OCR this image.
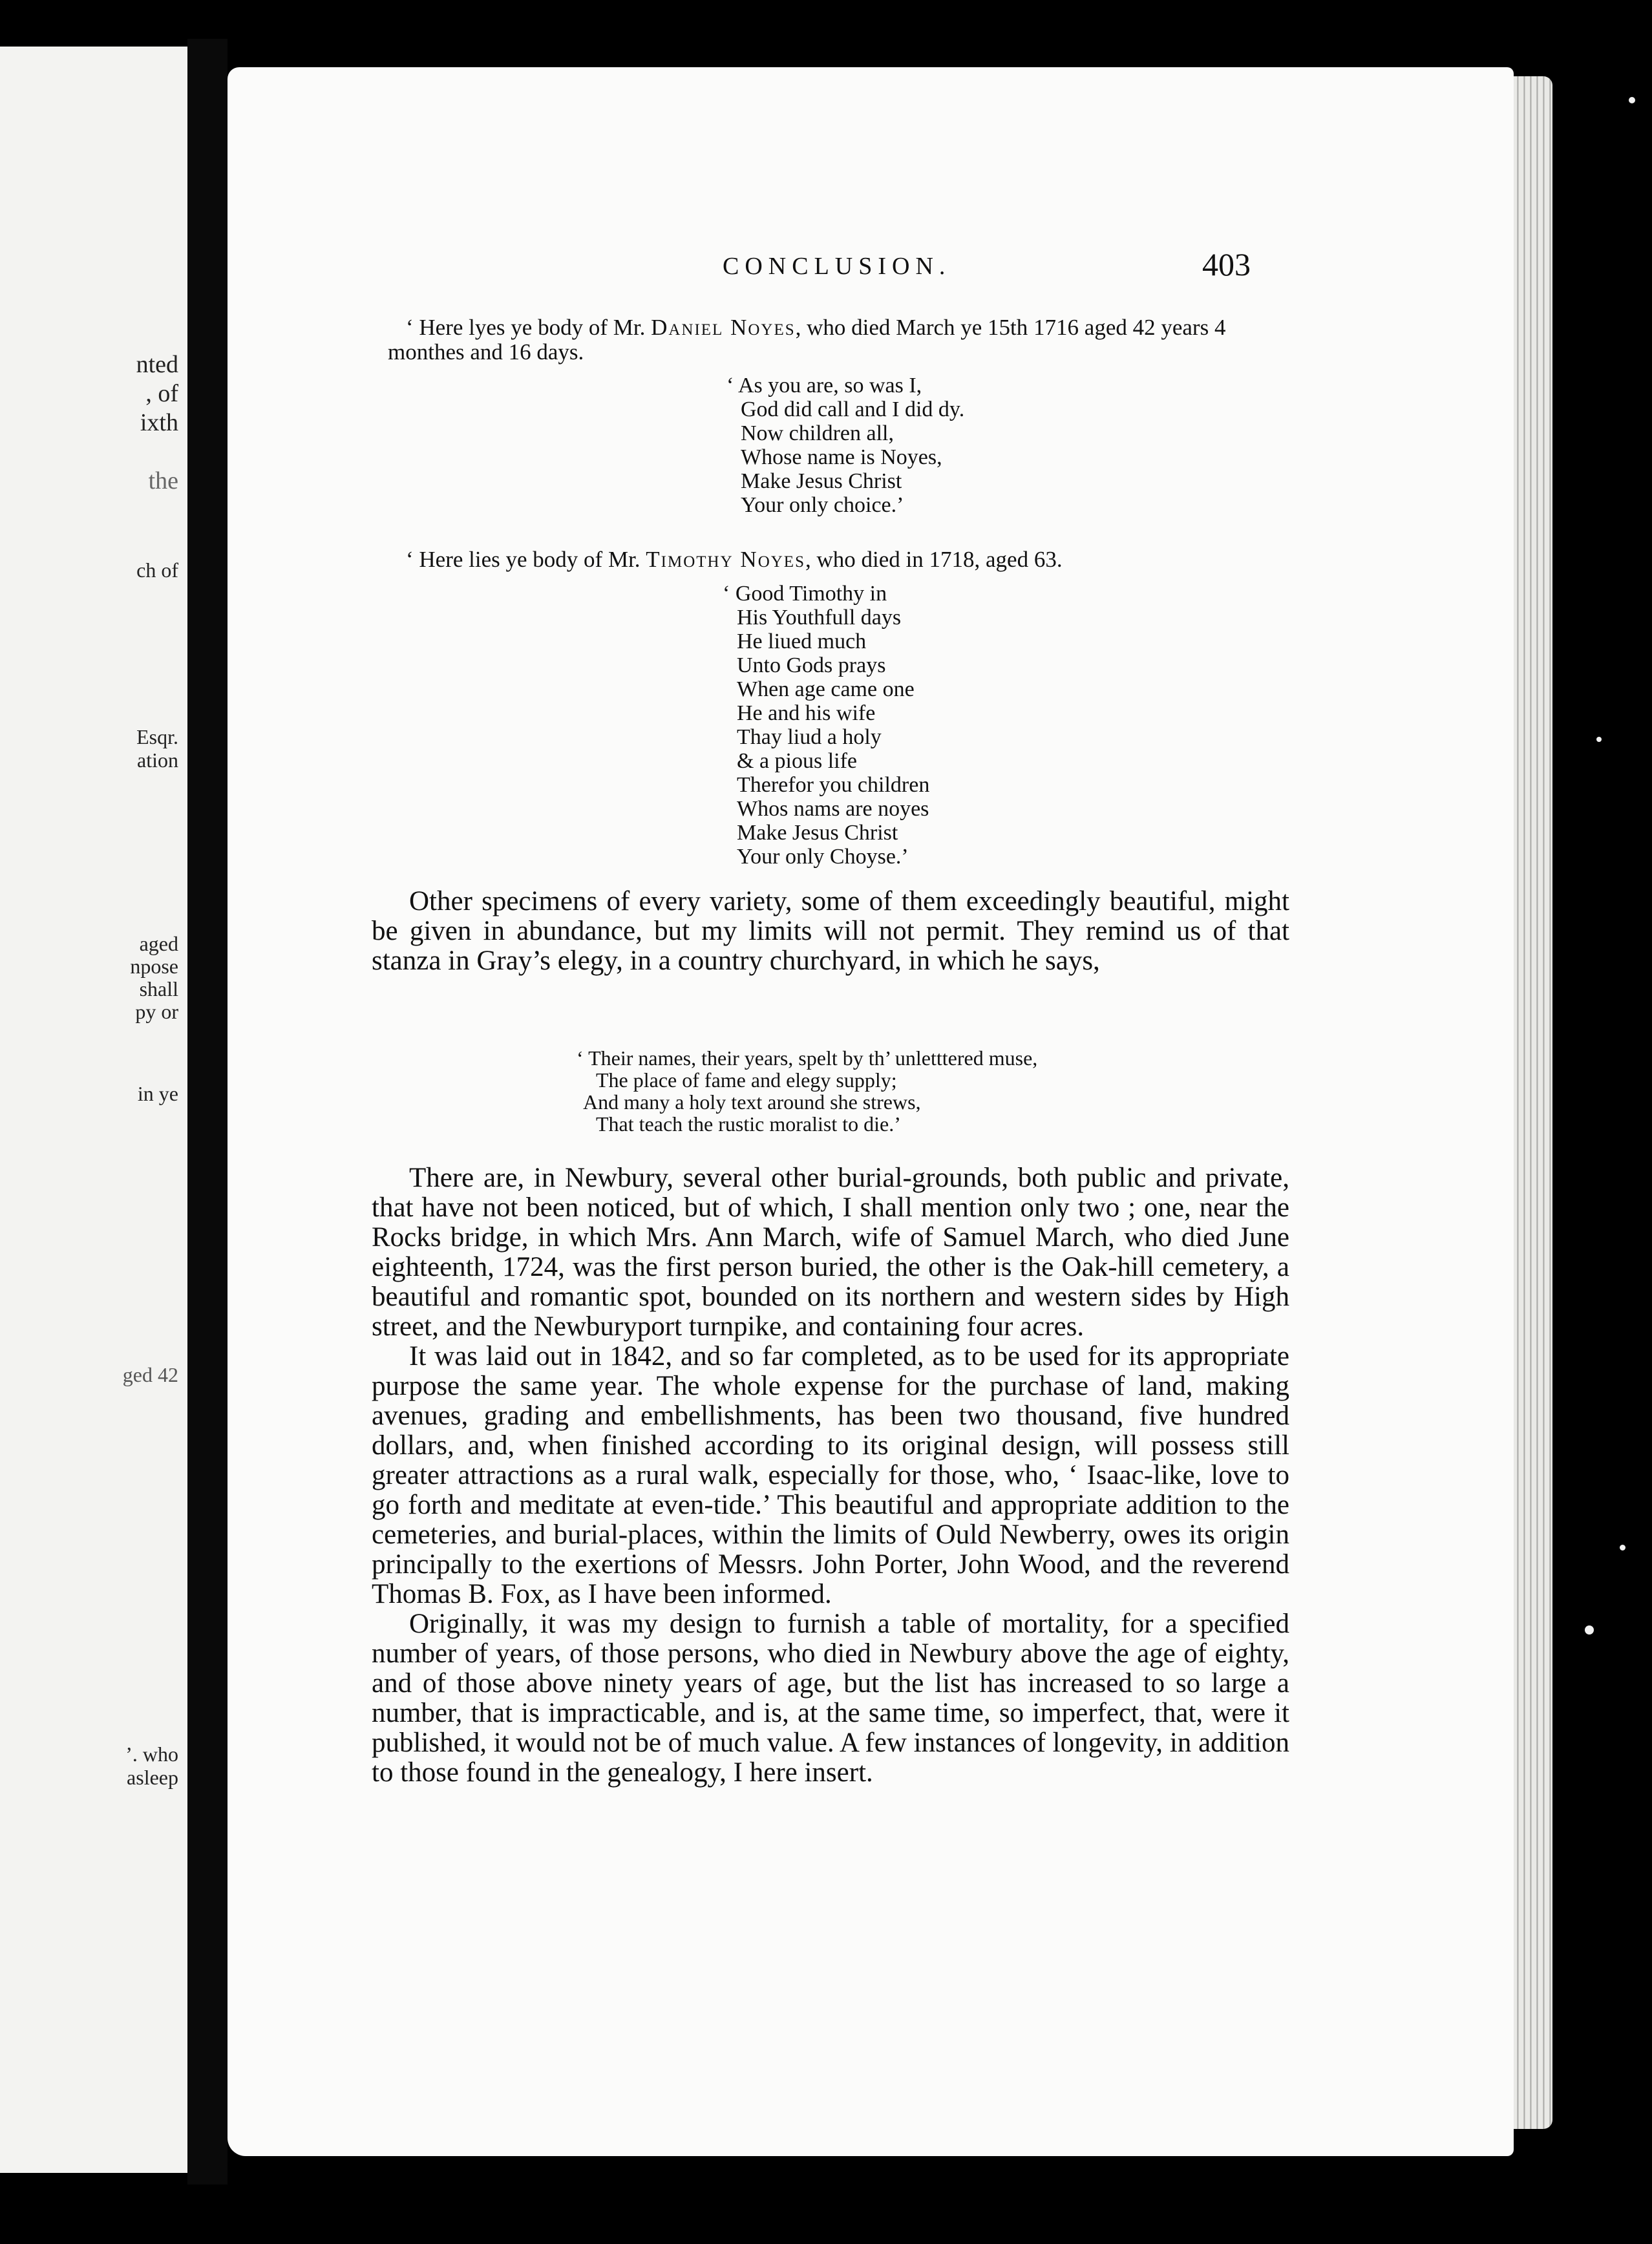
nted
, of
ixth
the
ch of
Esqr.
ation
aged
npose
shall
py or
in ye
ged 42
’. who
asleep
CONCLUSION.	403
‘ Here lyes ye body of Mr. Daniel Noyes, who died March ye 15th 1716 aged 42 years 4 monthes and 16 days.
‘ As you are, so was I,
God did call and I did dy.
Now children all,
Whose name is Noyes,
Make Jesus Christ
Your only choice.’
‘ Here lies ye body of Mr. Timothy Noyes, who died in 1718, aged 63.
‘ Good Timothy in
His Youthfull days
He liued much
Unto Gods prays
When age came one
He and his wife
Thay liud a holy
& a pious life
Therefor you children
Whos nams are noyes
Make Jesus Christ
Your only Choyse.’

Other specimens of every variety, some of them exceedingly beautiful, might be given in abundance, but my limits will not permit. They remind us of that stanza in Gray’s elegy, in a country churchyard, in which he says,

‘ Their names, their years, spelt by th’ unletttered muse,
The place of fame and elegy supply;
And many a holy text around she strews,
That teach the rustic moralist to die.’

There are, in Newbury, several other burial-grounds, both public and private, that have not been noticed, but of which, I shall mention only two ; one, near the Rocks bridge, in which Mrs. Ann March, wife of Samuel March, who died June eighteenth, 1724, was the first person buried, the other is the Oak-hill cemetery, a beautiful and romantic spot, bounded on its northern and western sides by High street, and the Newburyport turnpike, and containing four acres.

It was laid out in 1842, and so far completed, as to be used for its appropriate purpose the same year. The whole expense for the purchase of land, making avenues, grading and embellishments, has been two thousand, five hundred dollars, and, when finished according to its original design, will possess still greater attractions as a rural walk, especially for those, who, ‘ Isaac-like, love to go forth and meditate at even-tide.’ This beautiful and appropriate addition to the cemeteries, and burial-places, within the limits of Ould Newberry, owes its origin principally to the exertions of Messrs. John Porter, John Wood, and the reverend Thomas B. Fox, as I have been informed.

Originally, it was my design to furnish a table of mortality, for a specified number of years, of those persons, who died in Newbury above the age of eighty, and of those above ninety years of age, but the list has increased to so large a number, that is impracticable, and is, at the same time, so imperfect, that, were it published, it would not be of much value. A few instances of longevity, in addition to those found in the genealogy, I here insert.
